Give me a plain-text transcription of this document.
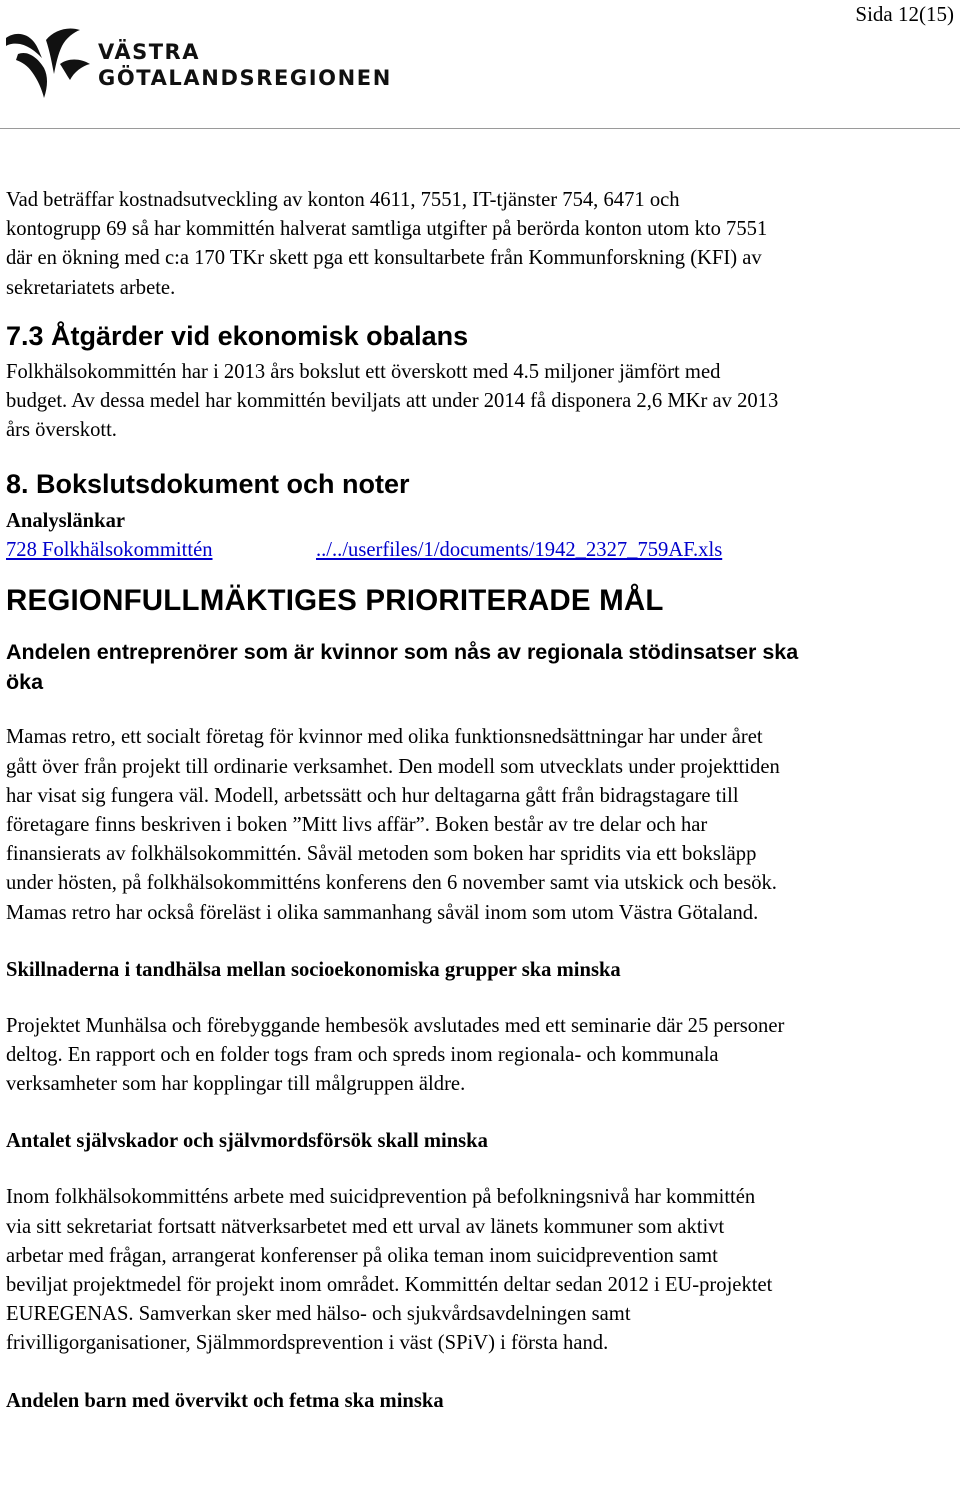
VÄSTRA
GÖTALANDSREGIONEN
Sida 12(15)
Vad beträffar kostnadsutveckling av konton 4611, 7551, IT-tjänster 754, 6471 och
kontogrupp 69 så har kommittén halverat samtliga utgifter på berörda konton utom kto 7551
där en ökning med c:a 170 TKr skett pga ett konsultarbete från Kommunforskning (KFI) av
sekretariatets arbete.
7.3 Åtgärder vid ekonomisk obalans
Folkhälsokommittén har i 2013 års bokslut ett överskott med 4.5 miljoner jämfört med
budget. Av dessa medel har kommittén beviljats att under 2014 få disponera 2,6 MKr av 2013
års överskott.
8. Bokslutsdokument och noter
Analyslänkar
728 Folkhälsokommittén	../../userfiles/1/documents/1942_2327_759AF.xls
REGIONFULLMÄKTIGES PRIORITERADE MÅL
Andelen entreprenörer som är kvinnor som nås av regionala stödinsatser ska
öka
Mamas retro, ett socialt företag för kvinnor med olika funktionsnedsättningar har under året
gått över från projekt till ordinarie verksamhet. Den modell som utvecklats under projekttiden
har visat sig fungera väl. Modell, arbetssätt och hur deltagarna gått från bidragstagare till
företagare finns beskriven i boken ”Mitt livs affär”. Boken består av tre delar och har
finansierats av folkhälsokommittén. Såväl metoden som boken har spridits via ett boksläpp
under hösten, på folkhälsokommitténs konferens den 6 november samt via utskick och besök.
Mamas retro har också föreläst i olika sammanhang såväl inom som utom Västra Götaland.
Skillnaderna i tandhälsa mellan socioekonomiska grupper ska minska
Projektet Munhälsa och förebyggande hembesök avslutades med ett seminarie där 25 personer
deltog. En rapport och en folder togs fram och spreds inom regionala- och kommunala
verksamheter som har kopplingar till målgruppen äldre.
Antalet självskador och självmordsförsök skall minska
Inom folkhälsokommitténs arbete med suicidprevention på befolkningsnivå har kommittén
via sitt sekretariat fortsatt nätverksarbetet med ett urval av länets kommuner som aktivt
arbetar med frågan, arrangerat konferenser på olika teman inom suicidprevention samt
beviljat projektmedel för projekt inom området. Kommittén deltar sedan 2012 i EU-projektet
EUREGENAS. Samverkan sker med hälso- och sjukvårdsavdelningen samt
frivilligorganisationer, Själmmordsprevention i väst (SPiV) i första hand.
Andelen barn med övervikt och fetma ska minska
